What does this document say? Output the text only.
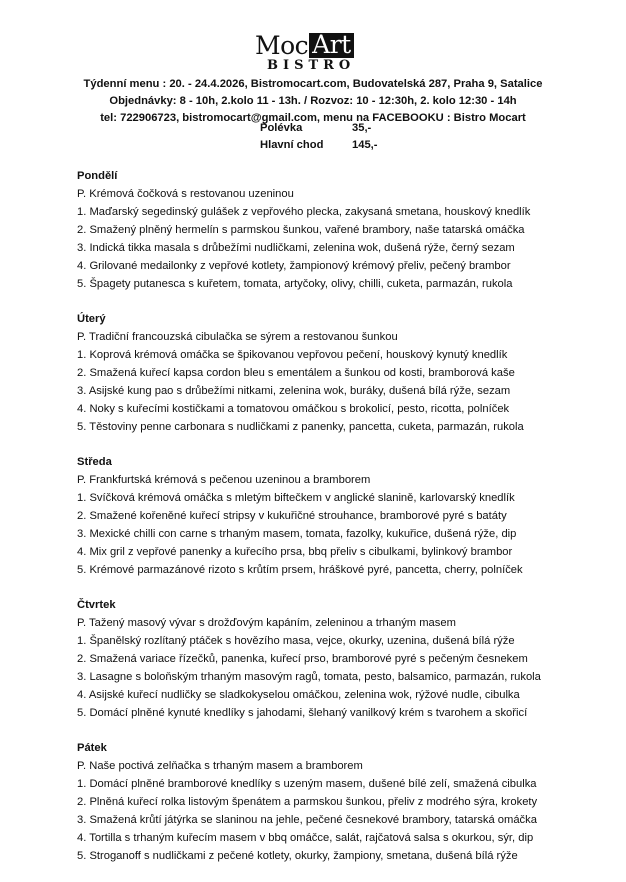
Moc Art
BISTRO
Týdenní menu : 20. - 24.4.2026, Bistromocart.com, Budovatelská 287, Praha 9, Satalice
Objednávky: 8 - 10h, 2.kolo 11 - 13h. / Rozvoz: 10 - 12:30h, 2. kolo 12:30 - 14h
tel: 722906723, bistromocart@gmail.com, menu na FACEBOOKU : Bistro Mocart
Polévka	35,-
Hlavní chod	145,-
Pondělí
P. Krémová čočková s restovanou uzeninou
1. Maďarský segedinský gulášek z vepřového plecka, zakysaná smetana, houskový knedlík
2. Smažený plněný hermelín s parmskou šunkou, vařené brambory, naše tatarská omáčka
3. Indická tikka masala s drůbežími nudličkami, zelenina wok, dušená rýže, černý sezam
4. Grilované medailonky z vepřové kotlety, žampionový krémový přeliv, pečený brambor
5. Špagety putanesca s kuřetem, tomata, artyčoky, olivy, chilli, cuketa, parmazán, rukola
Úterý
P. Tradiční francouzská cibulačka se sýrem a restovanou šunkou
1. Koprová krémová omáčka se špikovanou vepřovou pečení, houskový kynutý knedlík
2. Smažená kuřecí kapsa cordon bleu s ementálem a šunkou od kosti, bramborová kaše
3. Asijské kung pao s drůbežími nitkami, zelenina wok, buráky, dušená bílá rýže, sezam
4. Noky s kuřecími kostičkami a tomatovou omáčkou s brokolicí, pesto, ricotta, polníček
5. Těstoviny penne carbonara s nudličkami z panenky, pancetta, cuketa, parmazán, rukola
Středa
P. Frankfurtská krémová s pečenou uzeninou a bramborem
1. Svíčková krémová omáčka s mletým biftečkem v anglické slanině, karlovarský knedlík
2. Smažené kořeněné kuřecí stripsy v kukuřičné strouhance, bramborové pyré s batáty
3. Mexické chilli con carne s trhaným masem, tomata, fazolky, kukuřice, dušená rýže, dip
4. Mix gril z vepřové panenky a kuřecího prsa, bbq přeliv s cibulkami, bylinkový brambor
5. Krémové parmazánové rizoto s krůtím prsem, hráškové pyré, pancetta, cherry, polníček
Čtvrtek
P. Tažený masový vývar s drožďovým kapáním, zeleninou a trhaným masem
1. Španělský rozlítaný ptáček s hovězího masa, vejce, okurky, uzenina, dušená bílá rýže
2. Smažená variace řízečků, panenka, kuřecí prso, bramborové pyré s pečeným česnekem
3. Lasagne s boloňským trhaným masovým ragů, tomata, pesto, balsamico, parmazán, rukola
4. Asijské kuřecí nudličky se sladkokyselou omáčkou, zelenina wok, rýžové nudle, cibulka
5. Domácí plněné kynuté knedlíky s jahodami, šlehaný vanilkový krém s tvarohem a skořicí
Pátek
P. Naše poctivá zelňačka s trhaným masem a bramborem
1. Domácí plněné bramborové knedlíky s uzeným masem, dušené bílé zelí, smažená cibulka
2. Plněná kuřecí rolka listovým špenátem a parmskou šunkou, přeliv z modrého sýra, krokety
3. Smažená krůtí játýrka se slaninou na jehle, pečené česnekové brambory, tatarská omáčka
4. Tortilla s trhaným kuřecím masem v bbq omáčce, salát, rajčatová salsa s okurkou, sýr, dip
5. Stroganoff s nudličkami z pečené kotlety, okurky, žampiony, smetana, dušená bílá rýže
